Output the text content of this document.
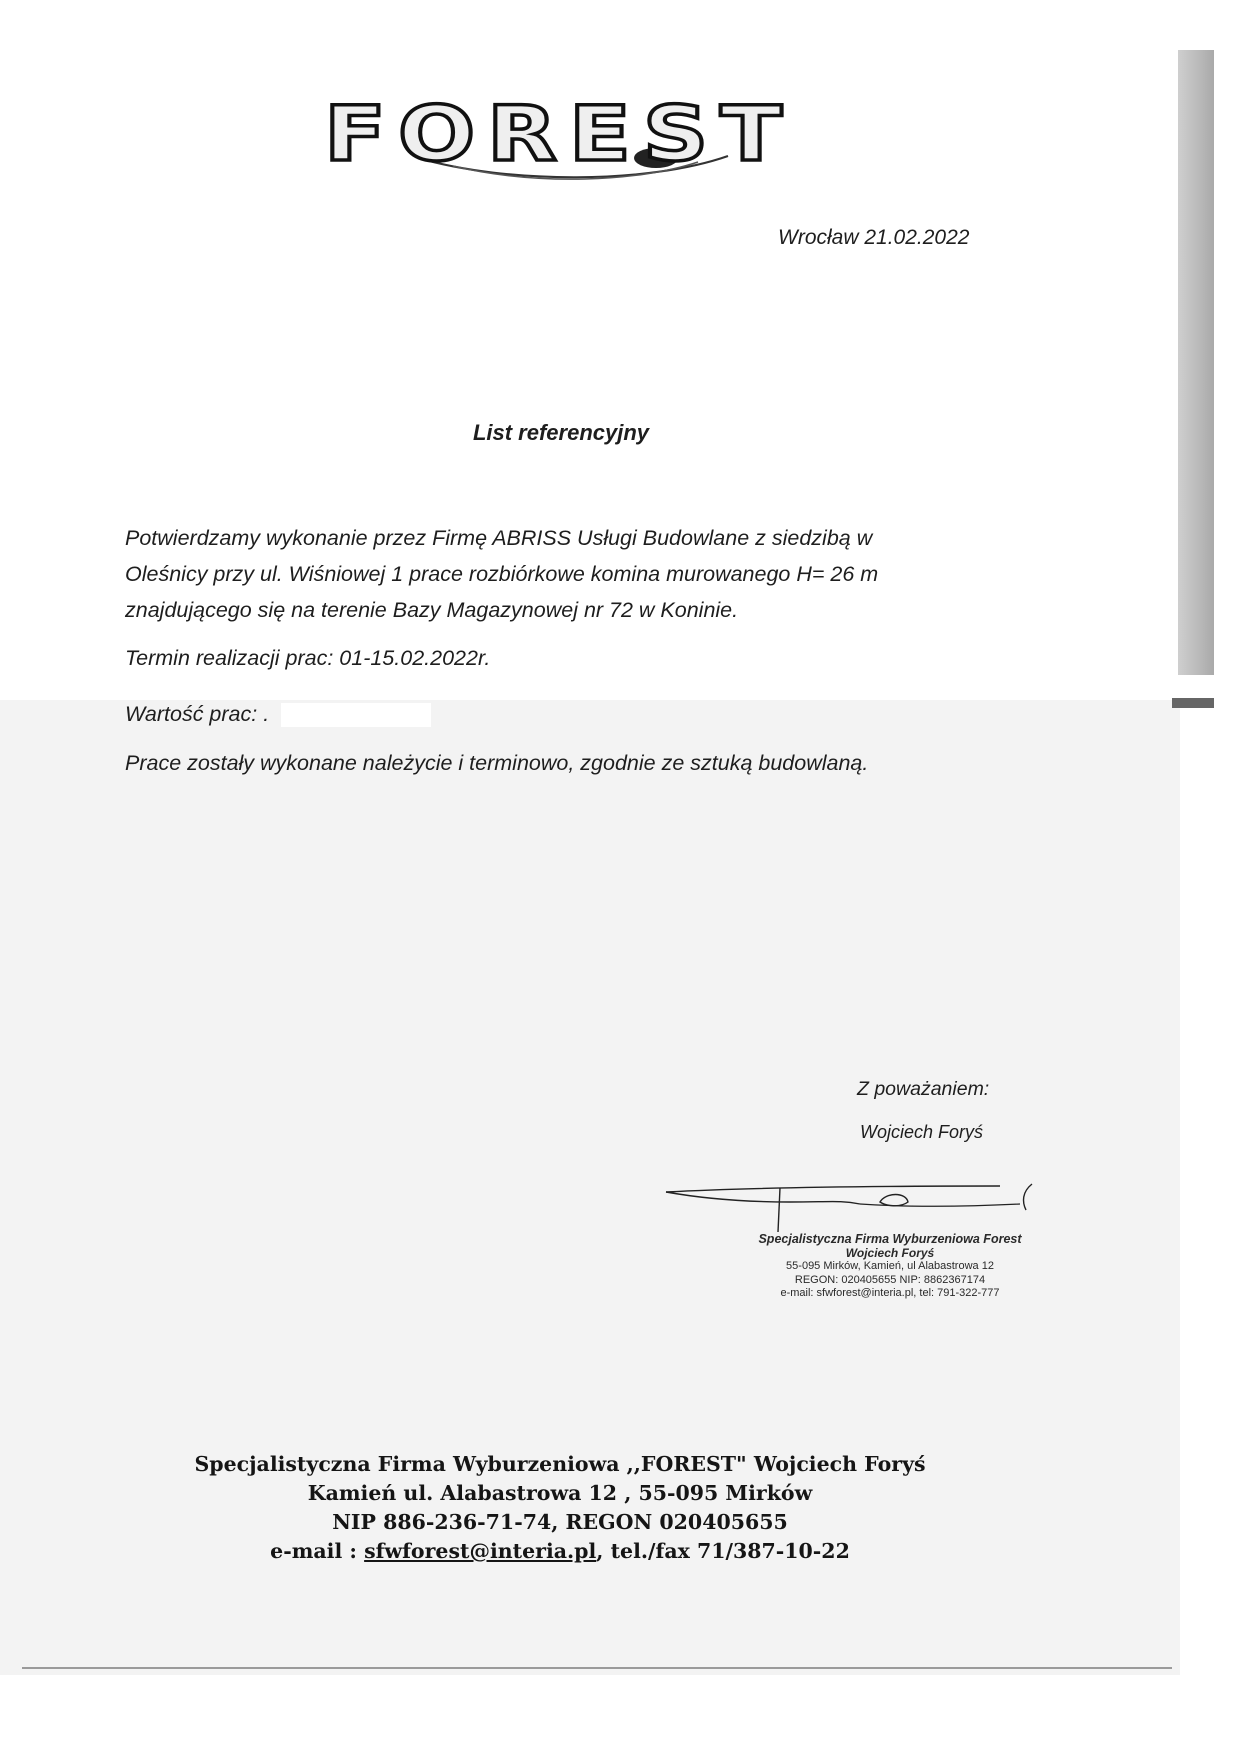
FOREST
Wrocław 21.02.2022
List referencyjny
Potwierdzamy wykonanie przez Firmę ABRISS Usługi Budowlane z siedzibą w
Oleśnicy przy ul. Wiśniowej 1 prace rozbiórkowe komina murowanego H= 26 m
znajdującego się na terenie Bazy Magazynowej nr 72 w Koninie.
Termin realizacji prac: 01-15.02.2022r.
Wartość prac: .
Prace zostały wykonane należycie i terminowo, zgodnie ze sztuką budowlaną.
Z poważaniem:
Wojciech Foryś
Specjalistyczna Firma Wyburzeniowa Forest
Wojciech Foryś
55-095 Mirków, Kamień, ul Alabastrowa 12
REGON: 020405655 NIP: 8862367174
e-mail: sfwforest@interia.pl, tel: 791-322-777
Specjalistyczna Firma Wyburzeniowa ,,FOREST" Wojciech Foryś
Kamień ul. Alabastrowa 12 , 55-095 Mirków
NIP 886-236-71-74, REGON 020405655
e-mail : sfwforest@interia.pl, tel./fax 71/387-10-22
